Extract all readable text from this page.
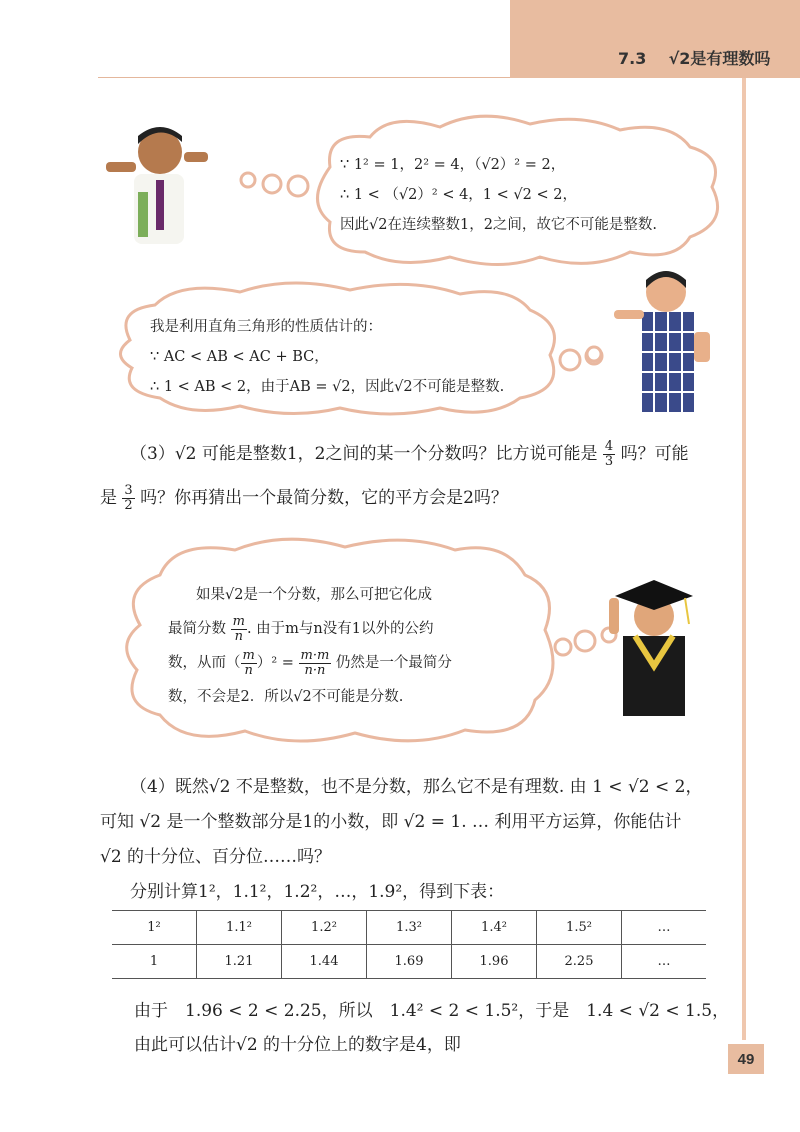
7.3 √2是有理数吗
∵ 1² = 1，2² = 4，（√2）² = 2，
∴ 1 < （√2）² < 4，1 < √2 < 2，
因此√2在连续整数1，2之间，故它不可能是整数.
我是利用直角三角形的性质估计的：
∵ AC < AB < AC + BC，
∴ 1 < AB < 2，由于AB = √2，因此√2不可能是整数.
（3）√2 可能是整数1，2之间的某一个分数吗？比方说可能是 $\frac{4}{3}$ 吗？可能
是 $\frac{3}{2}$ 吗？你再猜出一个最简分数，它的平方会是2吗？
如果√2是一个分数，那么可把它化成
最简分数 $\frac{m}{n}$ . 由于m与n没有1以外的公约
数，从而（ $\frac{m}{n} )^2 = \frac{m\cdot m}{n\cdot n}$ 仍然是一个最简分
数，不会是2．所以√2不可能是分数.
（4）既然√2 不是整数，也不是分数，那么它不是有理数. 由 1 < √2 < 2，
可知 √2 是一个整数部分是1的小数，即 √2 = 1. … 利用平方运算，你能估计
√2 的十分位、百分位……吗？
分别计算1²，1.1²，1.2²，…，1.9²，得到下表：
1²	1.1²	1.2²	1.3²	1.4²	1.5²	…
1	1.21	1.44	1.69	1.96	2.25	…
由于　1.96 < 2 < 2.25，所以　1.4² < 2 < 1.5²，于是　1.4 < √2 < 1.5，
由此可以估计√2 的十分位上的数字是4，即
49
